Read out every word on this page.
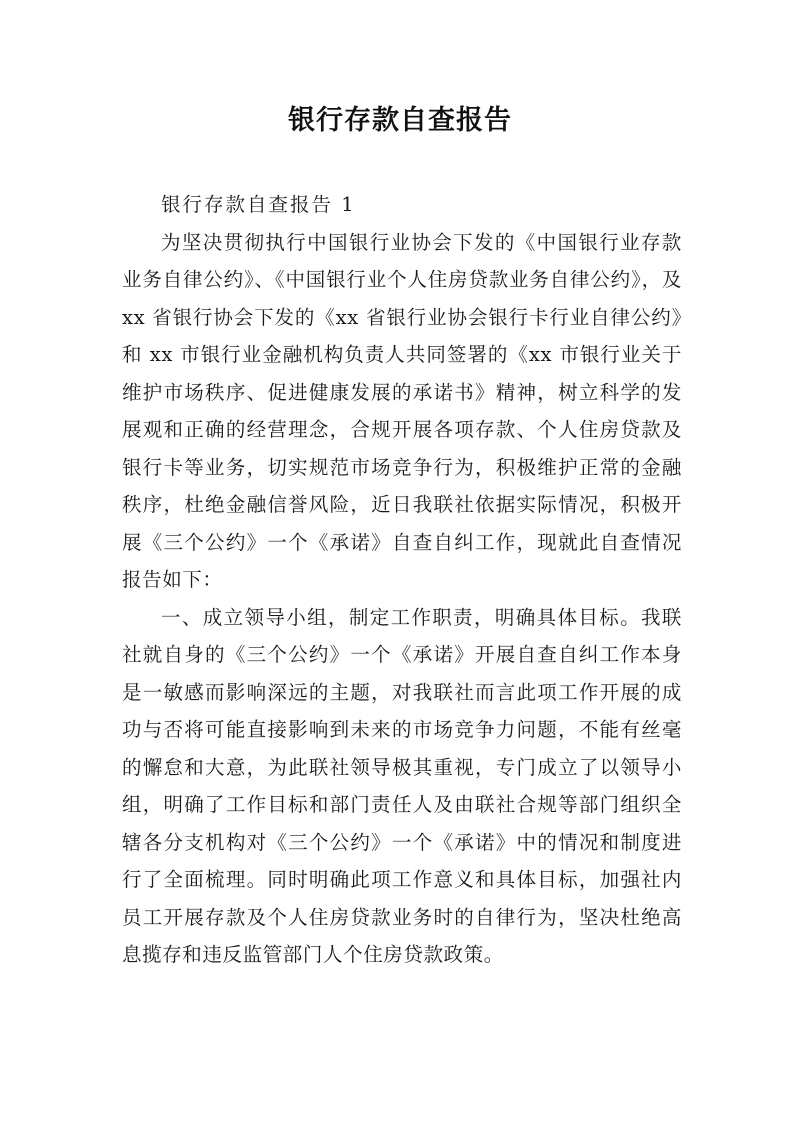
银行存款自查报告

银行存款自查报告 1

为坚决贯彻执行中国银行业协会下发的《中国银行业存款业务自律公约》、《中国银行业个人住房贷款业务自律公约》，及 xx 省银行协会下发的《xx 省银行业协会银行卡行业自律公约》和 xx 市银行业金融机构负责人共同签署的《xx 市银行业关于维护市场秩序、促进健康发展的承诺书》精神，树立科学的发展观和正确的经营理念，合规开展各项存款、个人住房贷款及银行卡等业务，切实规范市场竞争行为，积极维护正常的金融秩序，杜绝金融信誉风险，近日我联社依据实际情况，积极开展《三个公约》一个《承诺》自查自纠工作，现就此自查情况报告如下：

一、成立领导小组，制定工作职责，明确具体目标。我联社就自身的《三个公约》一个《承诺》开展自查自纠工作本身是一敏感而影响深远的主题，对我联社而言此项工作开展的成功与否将可能直接影响到未来的市场竞争力问题，不能有丝毫的懈怠和大意，为此联社领导极其重视，专门成立了以领导小组，明确了工作目标和部门责任人及由联社合规等部门组织全辖各分支机构对《三个公约》一个《承诺》中的情况和制度进行了全面梳理。同时明确此项工作意义和具体目标，加强社内员工开展存款及个人住房贷款业务时的自律行为，坚决杜绝高息揽存和违反监管部门人个住房贷款政策。
